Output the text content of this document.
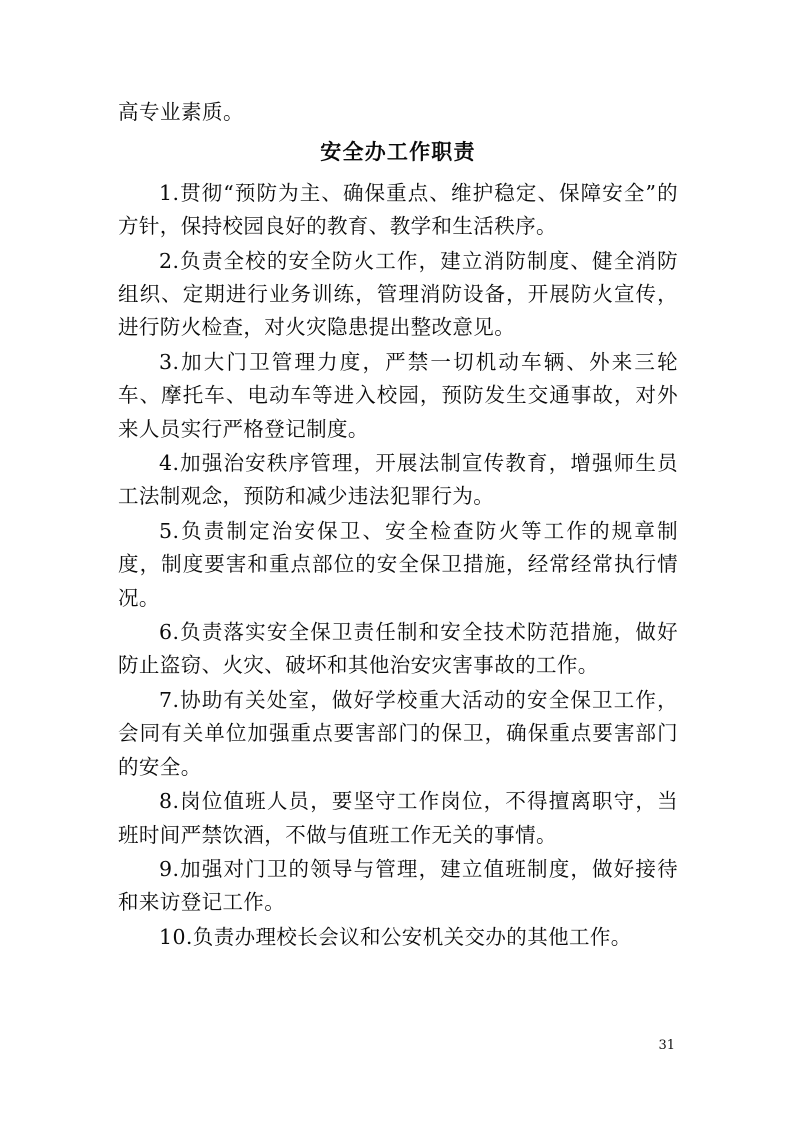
高专业素质。

安全办工作职责

1.贯彻“预防为主、确保重点、维护稳定、保障安全”的方针，保持校园良好的教育、教学和生活秩序。

2.负责全校的安全防火工作，建立消防制度、健全消防组织、定期进行业务训练，管理消防设备，开展防火宣传，进行防火检查，对火灾隐患提出整改意见。

3.加大门卫管理力度，严禁一切机动车辆、外来三轮车、摩托车、电动车等进入校园，预防发生交通事故，对外来人员实行严格登记制度。

4.加强治安秩序管理，开展法制宣传教育，增强师生员工法制观念，预防和减少违法犯罪行为。

5.负责制定治安保卫、安全检查防火等工作的规章制度，制度要害和重点部位的安全保卫措施，经常经常执行情况。

6.负责落实安全保卫责任制和安全技术防范措施，做好防止盗窃、火灾、破坏和其他治安灾害事故的工作。

7.协助有关处室，做好学校重大活动的安全保卫工作，会同有关单位加强重点要害部门的保卫，确保重点要害部门的安全。

8.岗位值班人员，要坚守工作岗位，不得擅离职守，当班时间严禁饮酒，不做与值班工作无关的事情。

9.加强对门卫的领导与管理，建立值班制度，做好接待和来访登记工作。

10.负责办理校长会议和公安机关交办的其他工作。

31
